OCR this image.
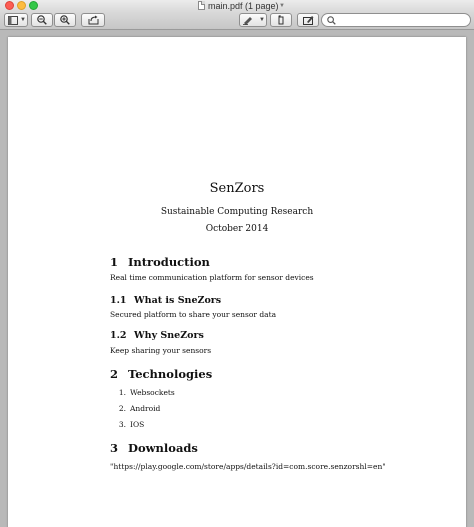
main.pdf (1 page) ▼
▼	▼
SenZors
Sustainable Computing Research
October 2014
1 Introduction
Real time communication platform for sensor devices
1.1 What is SneZors
Secured platform to share your sensor data
1.2 Why SneZors
Keep sharing your sensors
2 Technologies
1. Websockets
2. Android
3. IOS
3 Downloads
"https://play.google.com/store/apps/details?id=com.score.senzorshl=en"
